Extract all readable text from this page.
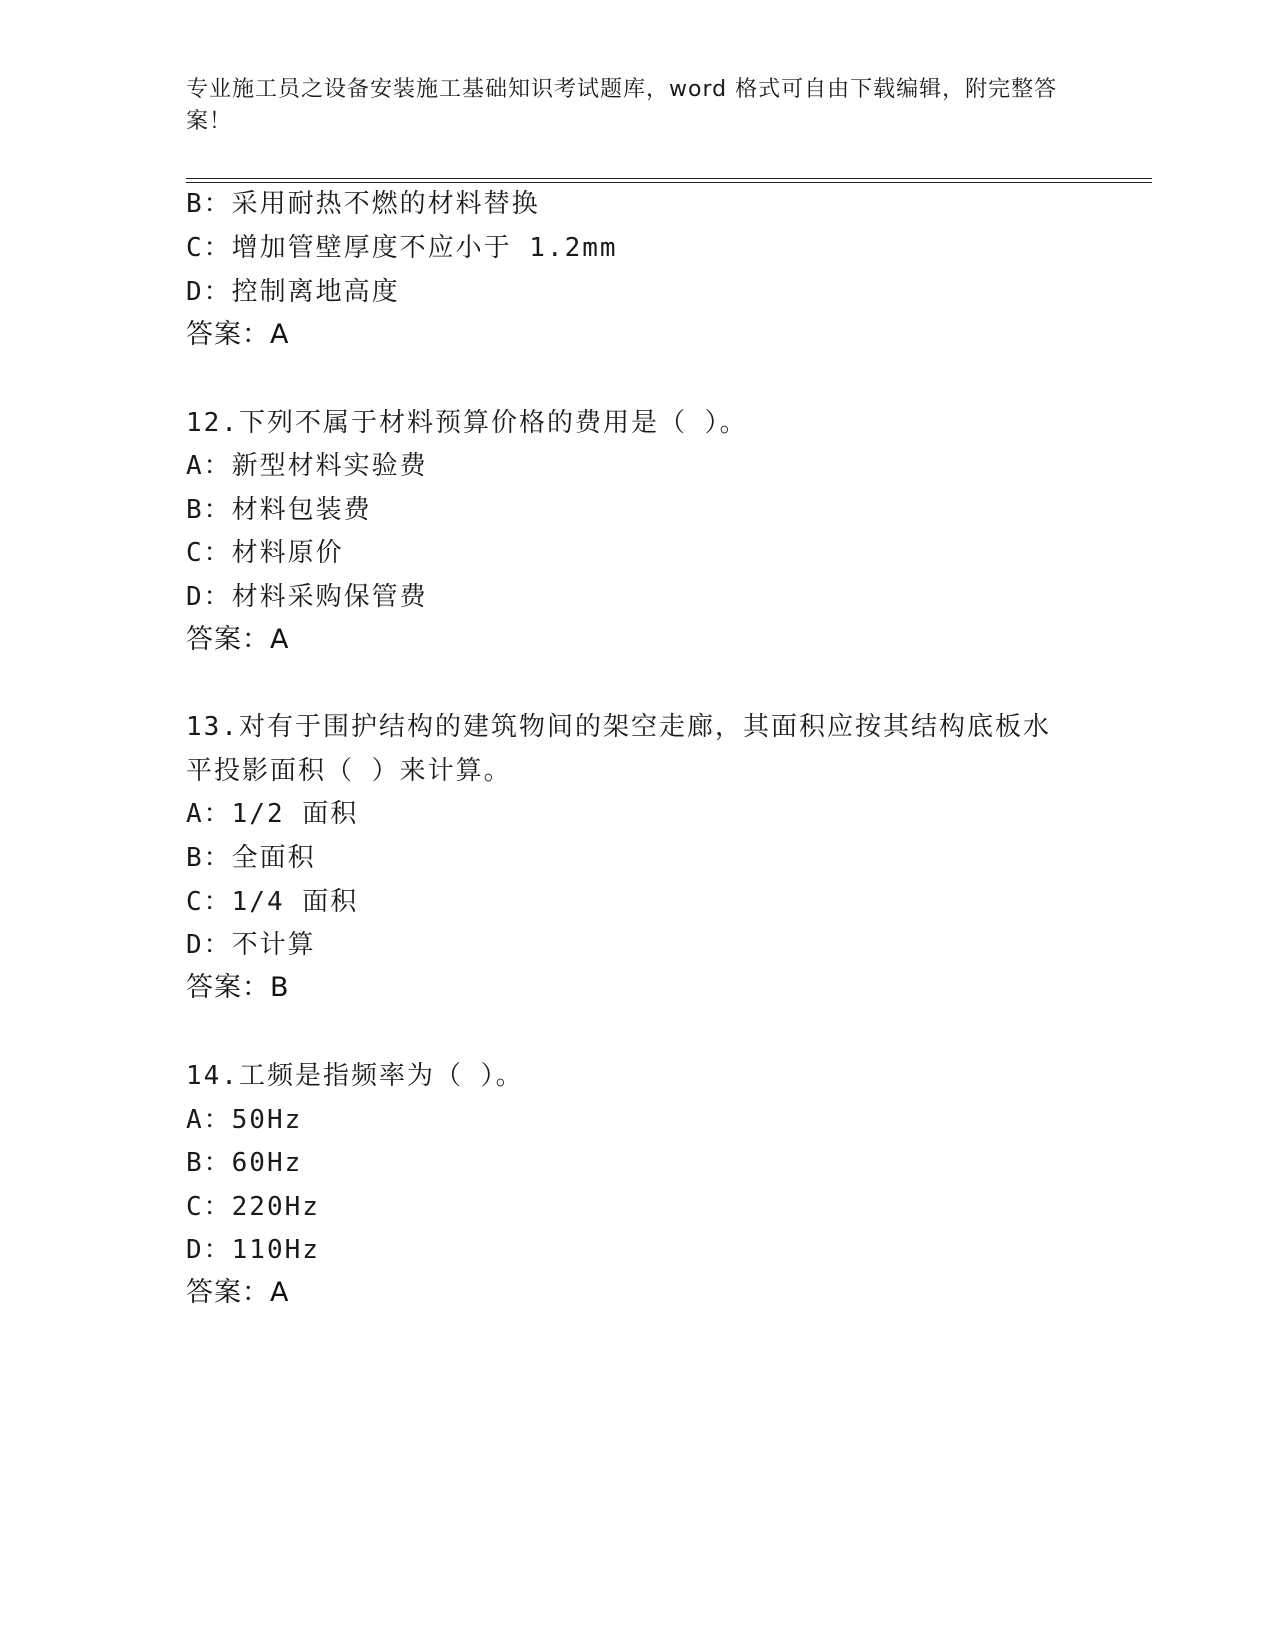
专业施工员之设备安装施工基础知识考试题库，word 格式可自由下载编辑，附完整答案！
B：采用耐热不燃的材料替换
C：增加管壁厚度不应小于 1.2mm
D：控制离地高度
答案：A
12.下列不属于材料预算价格的费用是（ ）。
A：新型材料实验费
B：材料包装费
C：材料原价
D：材料采购保管费
答案：A
13.对有于围护结构的建筑物间的架空走廊，其面积应按其结构底板水
平投影面积（ ）来计算。
A：1/2 面积
B：全面积
C：1/4 面积
D：不计算
答案：B
14.工频是指频率为（ ）。
A：50Hz
B：60Hz
C：220Hz
D：110Hz
答案：A
